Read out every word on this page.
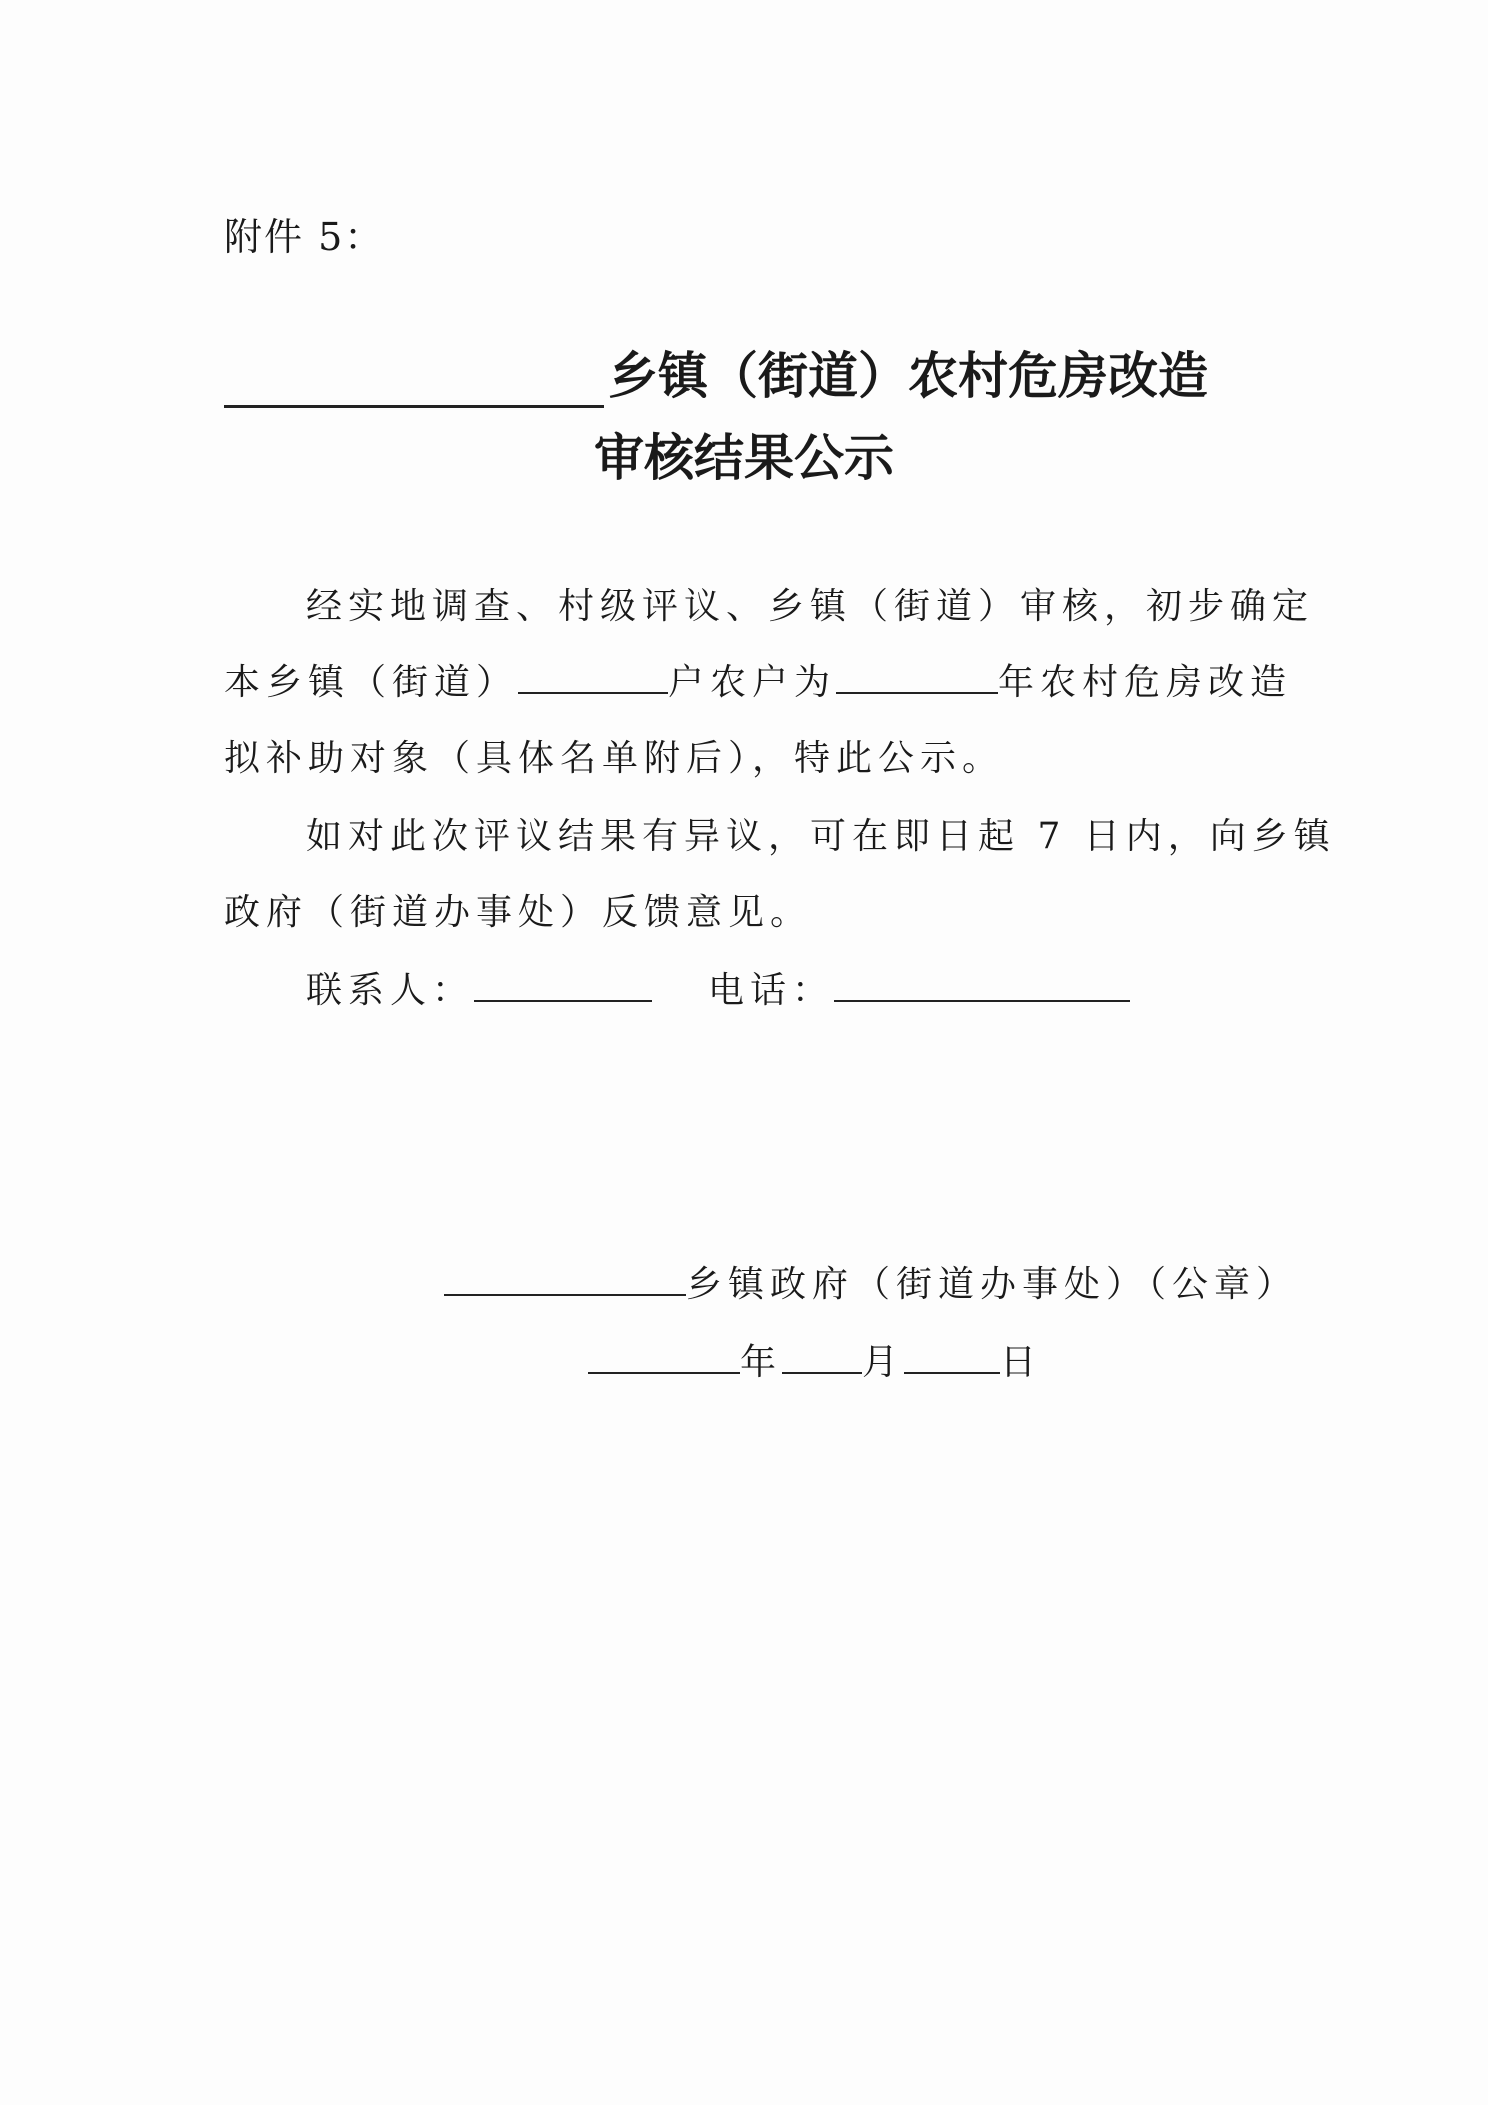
附件 5：
乡镇（街道）农村危房改造
审核结果公示
经实地调查、村级评议、乡镇（街道）审核，初步确定
本乡镇（街道）	户农户为	年农村危房改造
拟补助对象（具体名单附后），特此公示。
如对此次评议结果有异议，可在即日起 7 日内，向乡镇
政府（街道办事处）反馈意见。
联系人：	电话：
乡镇政府（街道办事处）（公章）
年 月	日
